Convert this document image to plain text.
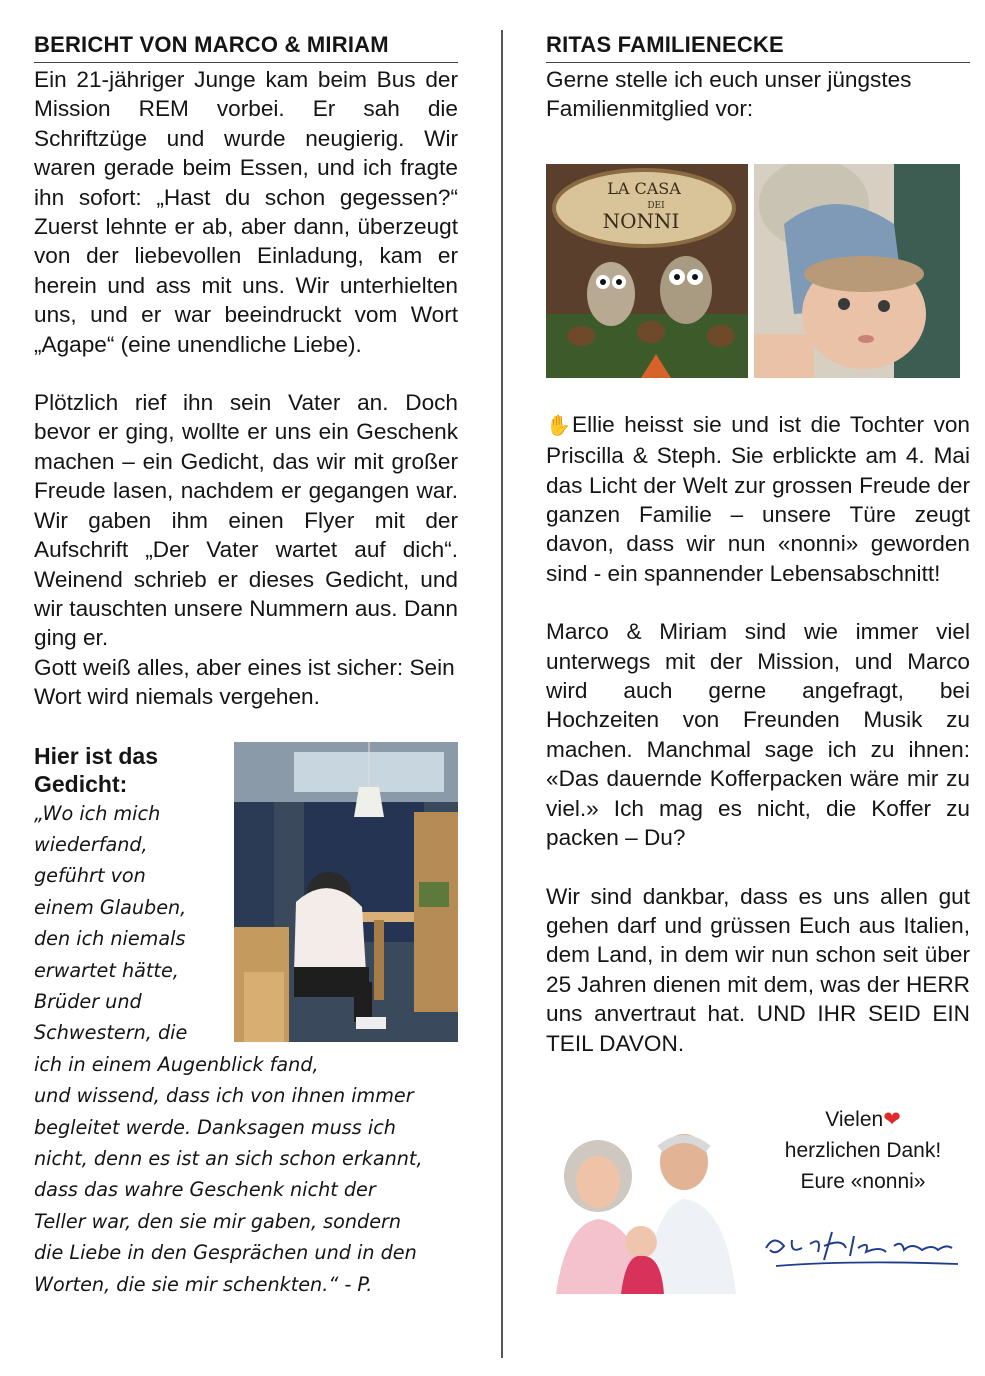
BERICHT VON MARCO & MIRIAM

Ein 21-jähriger Junge kam beim Bus der Mission REM vorbei. Er sah die Schriftzüge und wurde neugierig. Wir waren gerade beim Essen, und ich fragte ihn sofort: „Hast du schon gegessen?“ Zuerst lehnte er ab, aber dann, überzeugt von der liebevollen Einladung, kam er herein und ass mit uns. Wir unterhielten uns, und er war beeindruckt vom Wort „Agape“ (eine unendliche Liebe).

Plötzlich rief ihn sein Vater an. Doch bevor er ging, wollte er uns ein Geschenk machen – ein Gedicht, das wir mit großer Freude lasen, nachdem er gegangen war. Wir gaben ihm einen Flyer mit der Aufschrift „Der Vater wartet auf dich“. Weinend schrieb er dieses Gedicht, und wir tauschten unsere Nummern aus. Dann ging er.

Gott weiß alles, aber eines ist sicher: Sein Wort wird niemals vergehen.

Hier ist das Gedicht:

„Wo ich mich
wiederfand,
geführt von
einem Glauben,
den ich niemals
erwartet hätte,
Brüder und
Schwestern, die
ich in einem Augenblick fand,
und wissend, dass ich von ihnen immer
begleitet werde. Danksagen muss ich
nicht, denn es ist an sich schon erkannt,
dass das wahre Geschenk nicht der
Teller war, den sie mir gaben, sondern
die Liebe in den Gesprächen und in den
Worten, die sie mir schenkten.“ - P.
RITAS FAMILIENECKE

Gerne stelle ich euch unser jüngstes Familienmitglied vor:

LA CASA
DEI
NONNI

✋Ellie heisst sie und ist die Tochter von Priscilla & Steph. Sie erblickte am 4. Mai das Licht der Welt zur grossen Freude der ganzen Familie – unsere Türe zeugt davon, dass wir nun «nonni» geworden sind - ein spannender Lebensabschnitt!

Marco & Miriam sind wie immer viel unterwegs mit der Mission, und Marco wird auch gerne angefragt, bei Hochzeiten von Freunden Musik zu machen. Manchmal sage ich zu ihnen: «Das dauernde Kofferpacken wäre mir zu viel.» Ich mag es nicht, die Koffer zu packen – Du?

Wir sind dankbar, dass es uns allen gut gehen darf und grüssen Euch aus Italien, dem Land, in dem wir nun schon seit über 25 Jahren dienen mit dem, was der HERR uns anvertraut hat. UND IHR SEID EIN TEIL DAVON.

Vielen❤
herzlichen Dank!
Eure «nonni»
